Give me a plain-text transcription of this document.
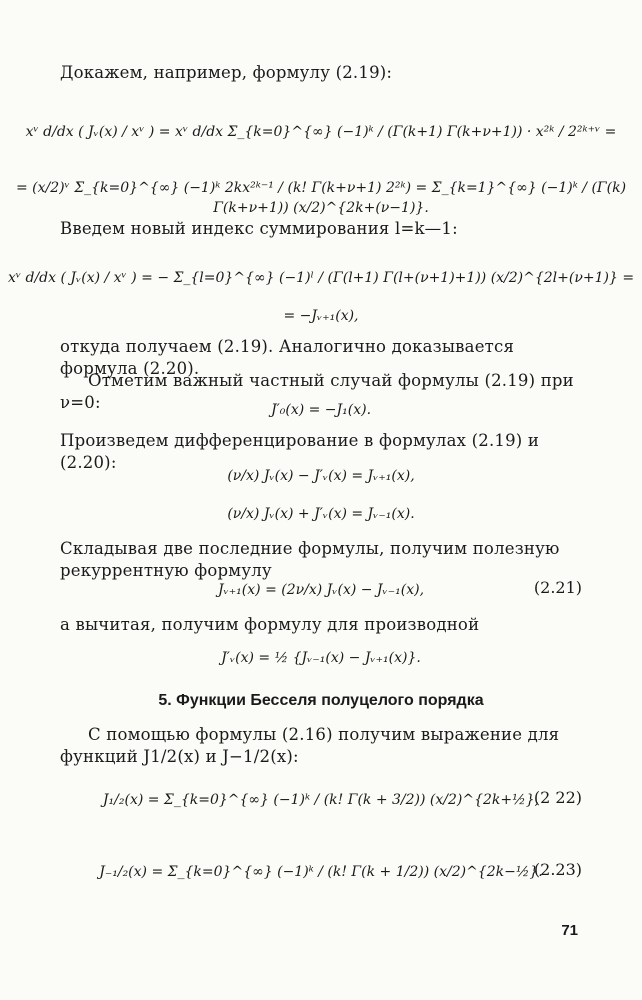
Докажем, например, формулу (2.19):
xᵛ d/dx ( Jᵥ(x) / xᵛ ) = xᵛ d/dx Σ_{k=0}^{∞} (−1)ᵏ / (Γ(k+1) Γ(k+ν+1)) · x²ᵏ / 2²ᵏ⁺ᵛ =
= (x/2)ᵛ Σ_{k=0}^{∞} (−1)ᵏ 2kx²ᵏ⁻¹ / (k! Γ(k+ν+1) 2²ᵏ) = Σ_{k=1}^{∞} (−1)ᵏ / (Γ(k) Γ(k+ν+1)) (x/2)^{2k+(ν−1)}.
Введем новый индекс суммирования l=k—1:
xᵛ d/dx ( Jᵥ(x) / xᵛ ) = − Σ_{l=0}^{∞} (−1)ˡ / (Γ(l+1) Γ(l+(ν+1)+1)) (x/2)^{2l+(ν+1)} =
= −Jᵥ₊₁(x),
откуда получаем (2.19). Аналогично доказывается формула (2.20).
Отметим важный частный случай формулы (2.19) при ν=0:	J′₀(x) = −J₁(x).
Произведем дифференцирование в формулах (2.19) и (2.20):
(ν/x) Jᵥ(x) − J′ᵥ(x) = Jᵥ₊₁(x),
(ν/x) Jᵥ(x) + J′ᵥ(x) = Jᵥ₋₁(x).
Складывая две последние формулы, получим полезную рекуррентную формулу
Jᵥ₊₁(x) = (2ν/x) Jᵥ(x) − Jᵥ₋₁(x),	(2.21)
а вычитая, получим формулу для производной
J′ᵥ(x) = ½ {Jᵥ₋₁(x) − Jᵥ₊₁(x)}.
5. Функции Бесселя полуцелого порядка
С помощью формулы (2.16) получим выражение для функций J1/2(x) и J−1/2(x):
J₁/₂(x) = Σ_{k=0}^{∞} (−1)ᵏ / (k! Γ(k + 3/2)) (x/2)^{2k+½},
(2 22)
J₋₁/₂(x) = Σ_{k=0}^{∞} (−1)ᵏ / (k! Γ(k + 1/2)) (x/2)^{2k−½}.
(2.23)
71
